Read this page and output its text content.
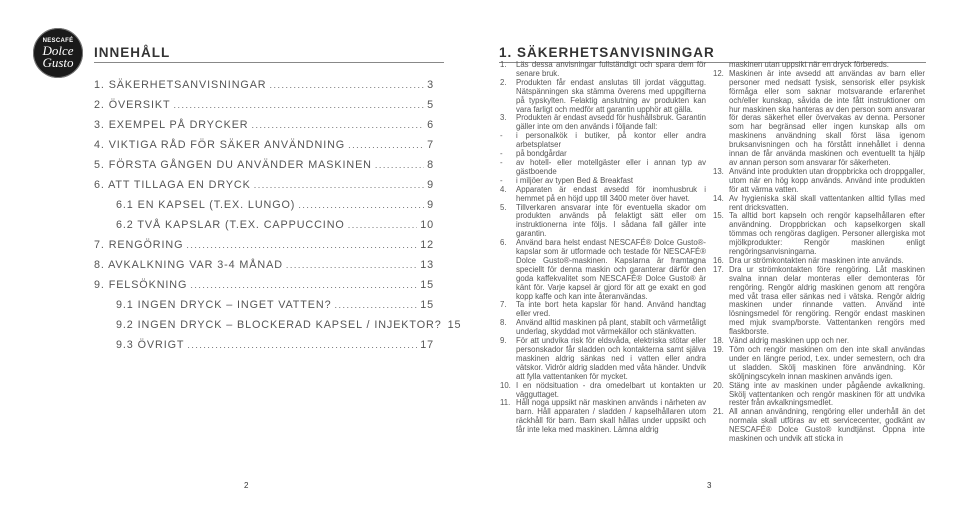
NESCAFÉ
Dolce
Gusto
INNEHÅLL
1. SÄKERHETSANVISNINGAR .....	3
2. ÖVERSIKT .....	5
3. EXEMPEL PÅ DRYCKER .....	6
4. VIKTIGA RÅD FÖR SÄKER ANVÄNDNING .....	7
5. FÖRSTA GÅNGEN DU ANVÄNDER MASKINEN .....	8
6. ATT TILLAGA EN DRYCK .....	9
6.1 EN KAPSEL (T.EX. LUNGO) .....	9
6.2 TVÅ KAPSLAR (T.EX. CAPPUCCINO .....	10
7. RENGÖRING .....	12
8. AVKALKNING VAR 3-4 MÅNAD .....	13
9. FELSÖKNING .....	15
9.1 INGEN DRYCK – INGET VATTEN? .....	15
9.2 INGEN DRYCK – BLOCKERAD KAPSEL / INJEKTOR? 15
9.3 ÖVRIGT .....	17
2
1. SÄKERHETSANVISNINGAR
1.	Läs dessa anvisningar fullständigt och spara dem för senare bruk.
2.	Produkten får endast anslutas till jordat vägguttag. Nätspänningen ska stämma överens med uppgifterna på typskylten. Felaktig anslutning av produkten kan vara farligt och medför att garantin upphör att gälla.
3.	Produkten är endast avsedd för hushållsbruk. Garantin gäller inte om den används i följande fall:
-	i personalkök i butiker, på kontor eller andra arbetsplatser
-	på bondgårdar
-	av hotell- eller motellgäster eller i annan typ av gästboende
-	i miljöer av typen Bed & Breakfast
4.	Apparaten är endast avsedd för inomhusbruk i hemmet på en höjd upp till 3400 meter över havet.
5.	Tillverkaren ansvarar inte för eventuella skador om produkten används på felaktigt sätt eller om instruktionerna inte följs. I sådana fall gäller inte garantin.
6.	Använd bara helst endast NESCAFÉ® Dolce Gusto®-kapslar som är utformade och testade för NESCAFÉ® Dolce Gusto®-maskinen. Kapslarna är framtagna speciellt för denna maskin och garanterar därför den goda kaffekvalitet som NESCAFÉ® Dolce Gusto® är känt för. Varje kapsel är gjord för att ge exakt en god kopp kaffe och kan inte återanvändas.
7.	Ta inte bort heta kapslar för hand. Använd handtag eller vred.
8.	Använd alltid maskinen på plant, stabilt och värmetåligt underlag, skyddad mot värmekällor och stänkvatten.
9.	För att undvika risk för eldsvåda, elektriska stötar eller personskador får sladden och kontakterna samt själva maskinen aldrig sänkas ned i vatten eller andra vätskor. Vidrör aldrig sladden med våta händer. Undvik att fylla vattentanken för mycket.
10. I en nödsituation - dra omedelbart ut kontakten ur vägguttaget.
11. Håll noga uppsikt när maskinen används i närheten av barn. Håll apparaten / sladden / kapselhållaren utom räckhåll för barn. Barn skall hållas under uppsikt och får inte leka med maskinen. Lämna aldrig
maskinen utan uppsikt när en dryck förbereds.
12. Maskinen är inte avsedd att användas av barn eller personer med nedsatt fysisk, sensorisk eller psykisk förmåga eller som saknar motsvarande erfarenhet och/eller kunskap, såvida de inte fått instruktioner om hur maskinen ska hanteras av den person som ansvarar för deras säkerhet eller övervakas av denna. Personer som har begränsad eller ingen kunskap alls om maskinens användning skall först läsa igenom bruksanvisningen och ha förstått innehållet i denna innan de får använda maskinen och eventuellt ta hjälp av annan person som ansvarar för säkerheten.
13. Använd inte produkten utan droppbricka och droppgaller, utom när en hög kopp används. Använd inte produkten för att värma vatten.
14. Av hygieniska skäl skall vattentanken alltid fyllas med rent dricksvatten.
15. Ta alltid bort kapseln och rengör kapselhållaren efter användning. Droppbrickan och kapselkorgen skall tömmas och rengöras dagligen. Personer allergiska mot mjölkprodukter: Rengör maskinen enligt rengöringsanvisningarna.
16. Dra ur strömkontakten när maskinen inte används.
17. Dra ur strömkontakten före rengöring. Låt maskinen svalna innan delar monteras eller demonteras för rengöring. Rengör aldrig maskinen genom att rengöra med våt trasa eller sänkas ned i vätska. Rengör aldrig maskinen under rinnande vatten. Använd inte lösningsmedel för rengöring. Rengör endast maskinen med mjuk svamp/borste. Vattentanken rengörs med flaskborste.
18. Vänd aldrig maskinen upp och ner.
19. Töm och rengör maskinen om den inte skall användas under en längre period, t.ex. under semestern, och dra ut sladden. Skölj maskinen före användning. Kör sköljningscykeln innan maskinen används igen.
20. Stäng inte av maskinen under pågående avkalkning. Skölj vattentanken och rengör maskinen för att undvika rester från avkalkningsmedlet.
21. All annan användning, rengöring eller underhåll än det normala skall utföras av ett servicecenter, godkänt av NESCAFÉ® Dolce Gusto® kundtjänst. Öppna inte maskinen och undvik att sticka in
3
